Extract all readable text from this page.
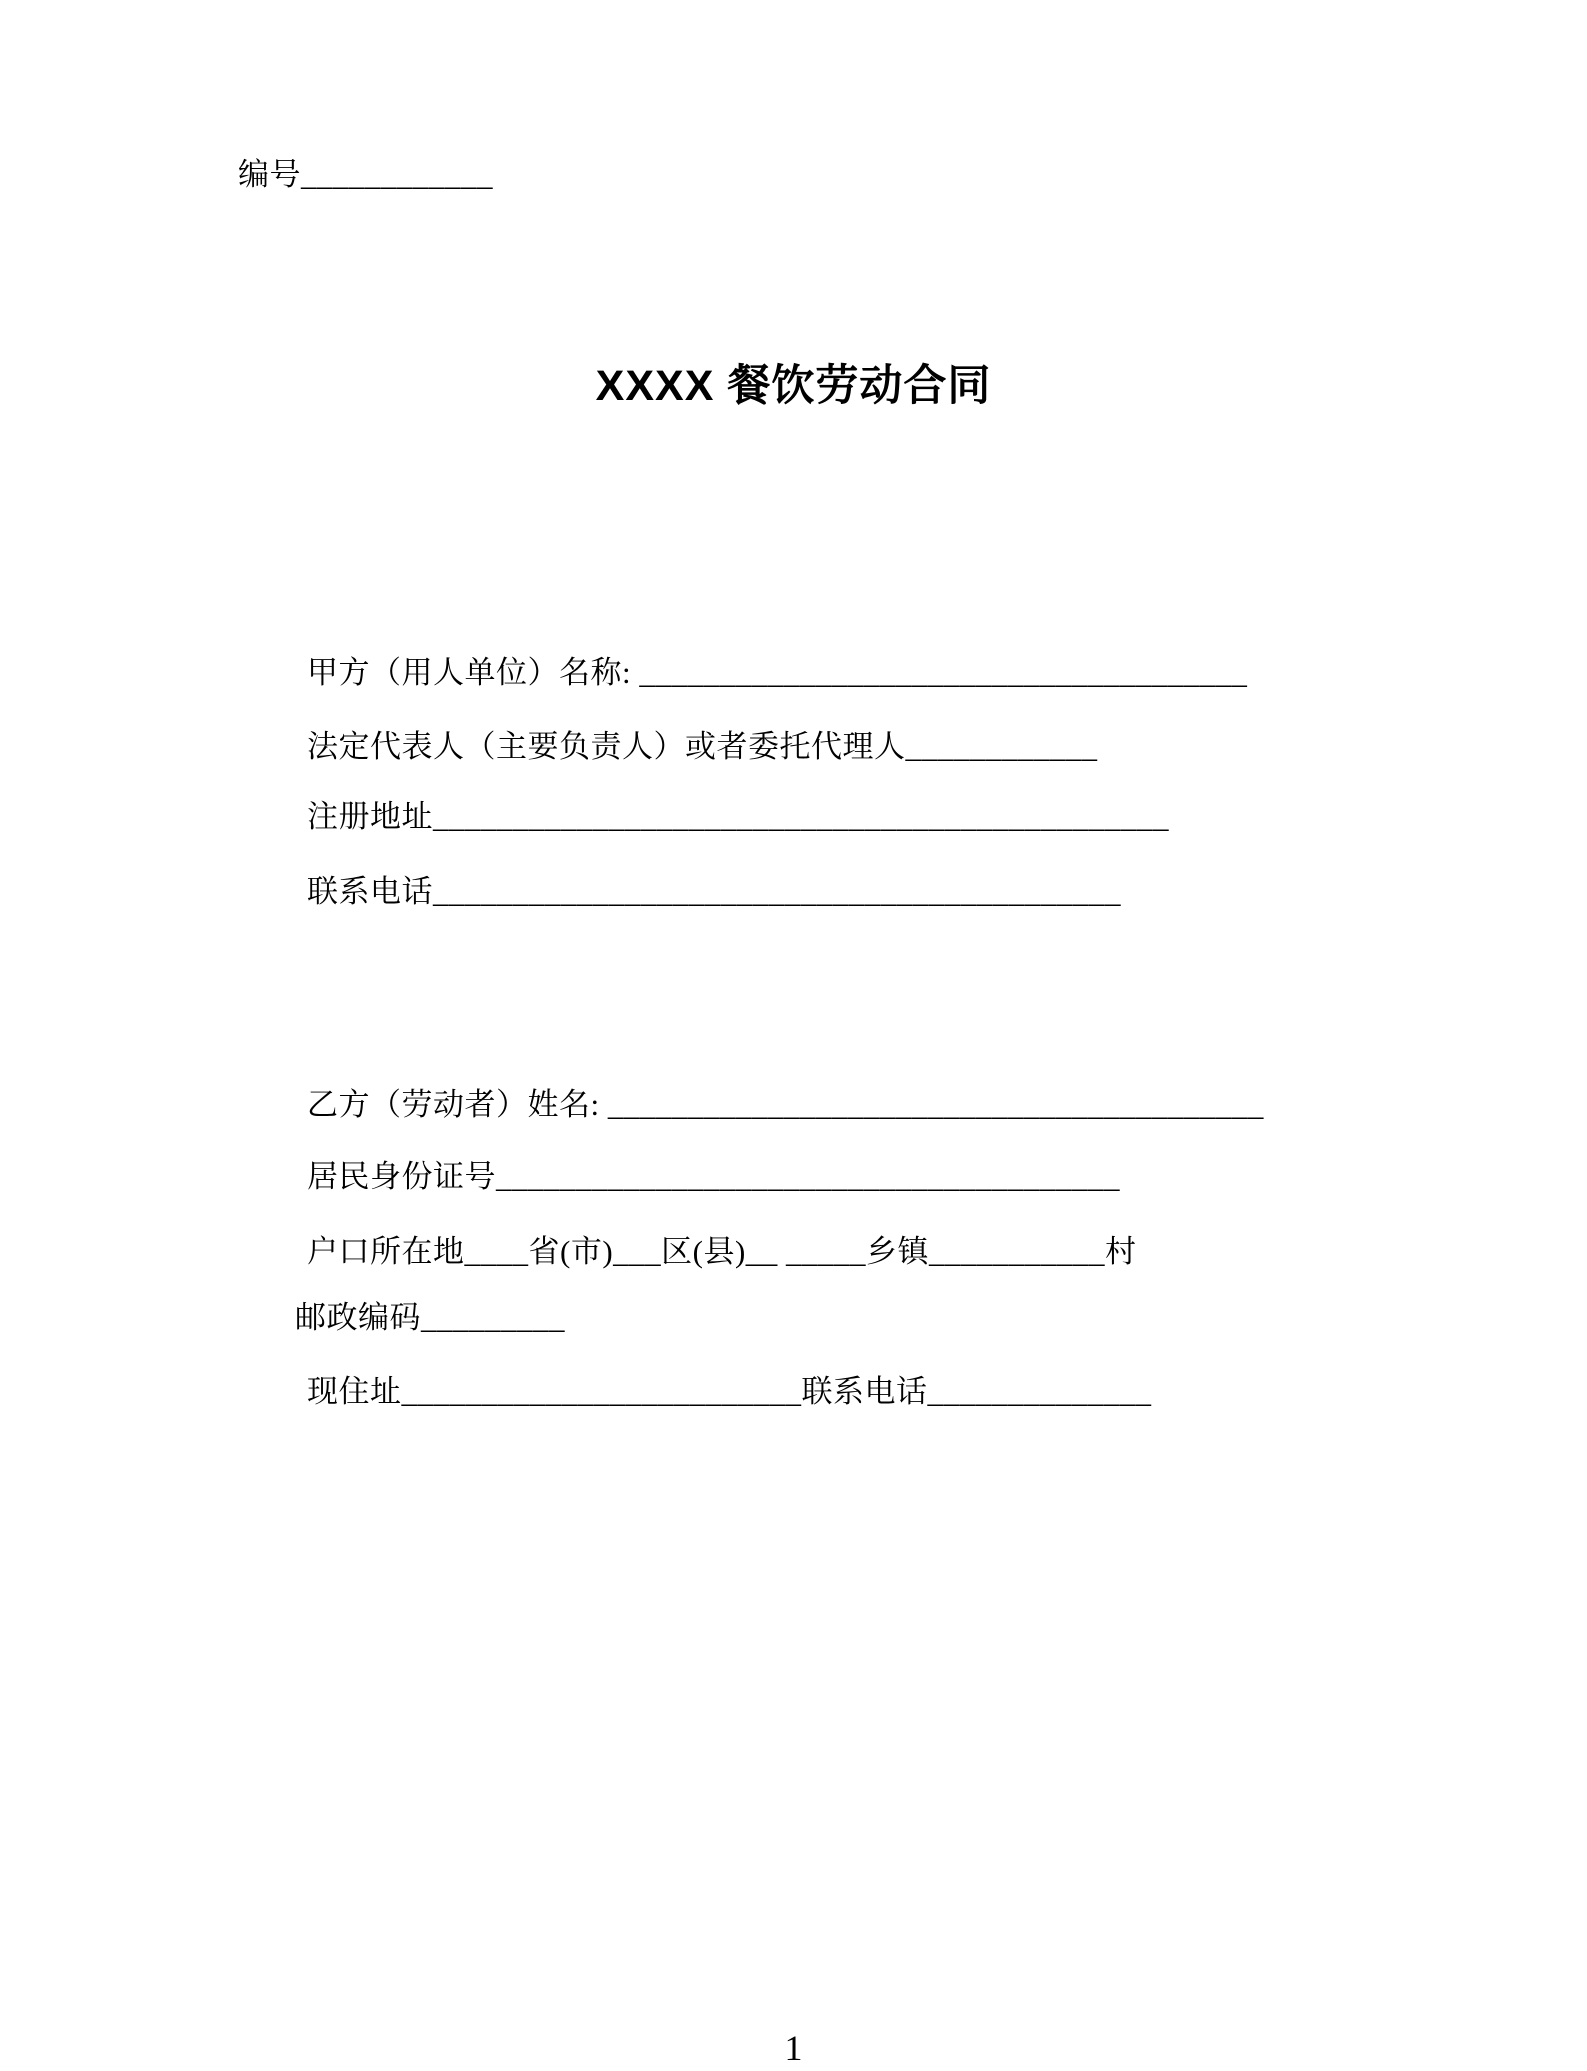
编号____________
XXXX 餐饮劳动合同
甲方（用人单位）名称: ______________________________________
法定代表人（主要负责人）或者委托代理人____________
注册地址______________________________________________
联系电话___________________________________________
乙方（劳动者）姓名: _________________________________________
居民身份证号_______________________________________
户口所在地____省(市)___区(县)__ _____乡镇___________村
邮政编码_________
现住址_________________________联系电话______________
1
